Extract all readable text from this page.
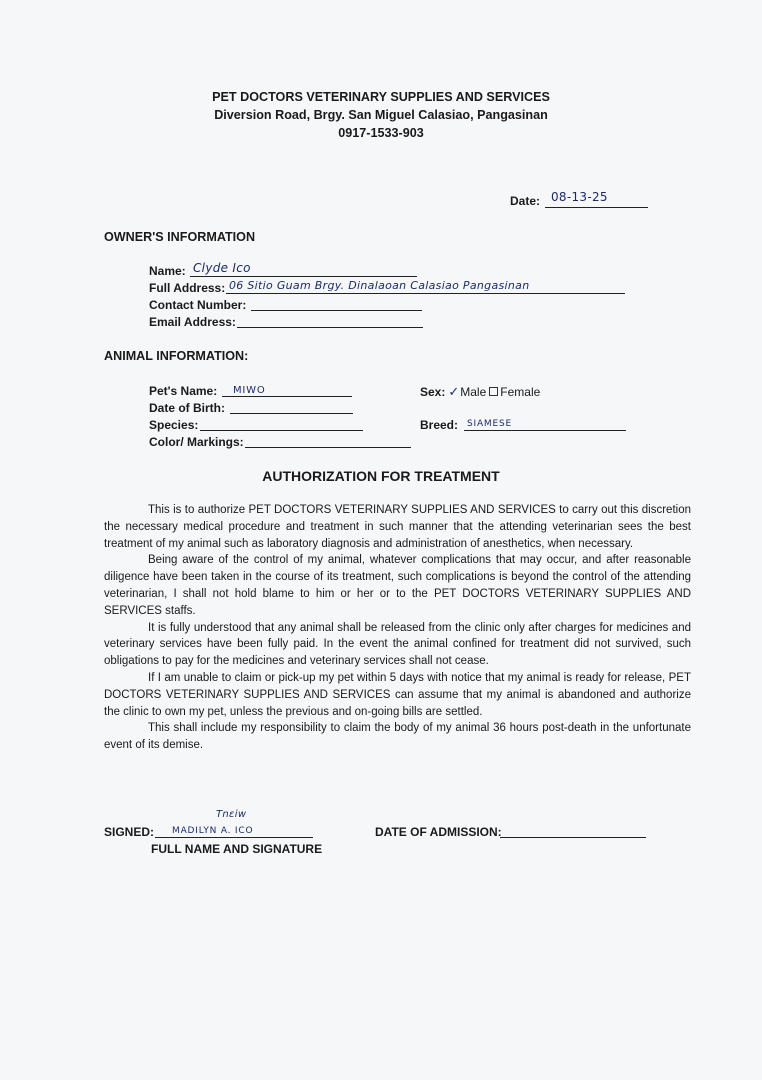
PET DOCTORS VETERINARY SUPPLIES AND SERVICES
Diversion Road, Brgy. San Miguel Calasiao, Pangasinan
0917-1533-903
Date: 08-13-25
OWNER'S INFORMATION
Name: Clyde Ico
Full Address: 06 Sitio Guam Brgy. Dinalaoan Calasiao Pangasinan
Contact Number:
Email Address:
ANIMAL INFORMATION:
Pet's Name: MIWO
Date of Birth:
Species:
Color/ Markings:
Sex: ✓Male Female
Breed: SIAMESE
AUTHORIZATION FOR TREATMENT

This is to authorize PET DOCTORS VETERINARY SUPPLIES AND SERVICES to carry out this discretion the necessary medical procedure and treatment in such manner that the attending veterinarian sees the best treatment of my animal such as laboratory diagnosis and administration of anesthetics, when necessary.

Being aware of the control of my animal, whatever complications that may occur, and after reasonable diligence have been taken in the course of its treatment, such complications is beyond the control of the attending veterinarian, I shall not hold blame to him or her or to the PET DOCTORS VETERINARY SUPPLIES AND SERVICES staffs.

It is fully understood that any animal shall be released from the clinic only after charges for medicines and veterinary services have been fully paid. In the event the animal confined for treatment did not survived, such obligations to pay for the medicines and veterinary services shall not cease.

If I am unable to claim or pick-up my pet within 5 days with notice that my animal is ready for release, PET DOCTORS VETERINARY SUPPLIES AND SERVICES can assume that my animal is abandoned and authorize the clinic to own my pet, unless the previous and on-going bills are settled.

This shall include my responsibility to claim the body of my animal 36 hours post-death in the unfortunate event of its demise.

SIGNED:
Tnɛiw
MADILYN A. ICO
FULL NAME AND SIGNATURE
DATE OF ADMISSION:
